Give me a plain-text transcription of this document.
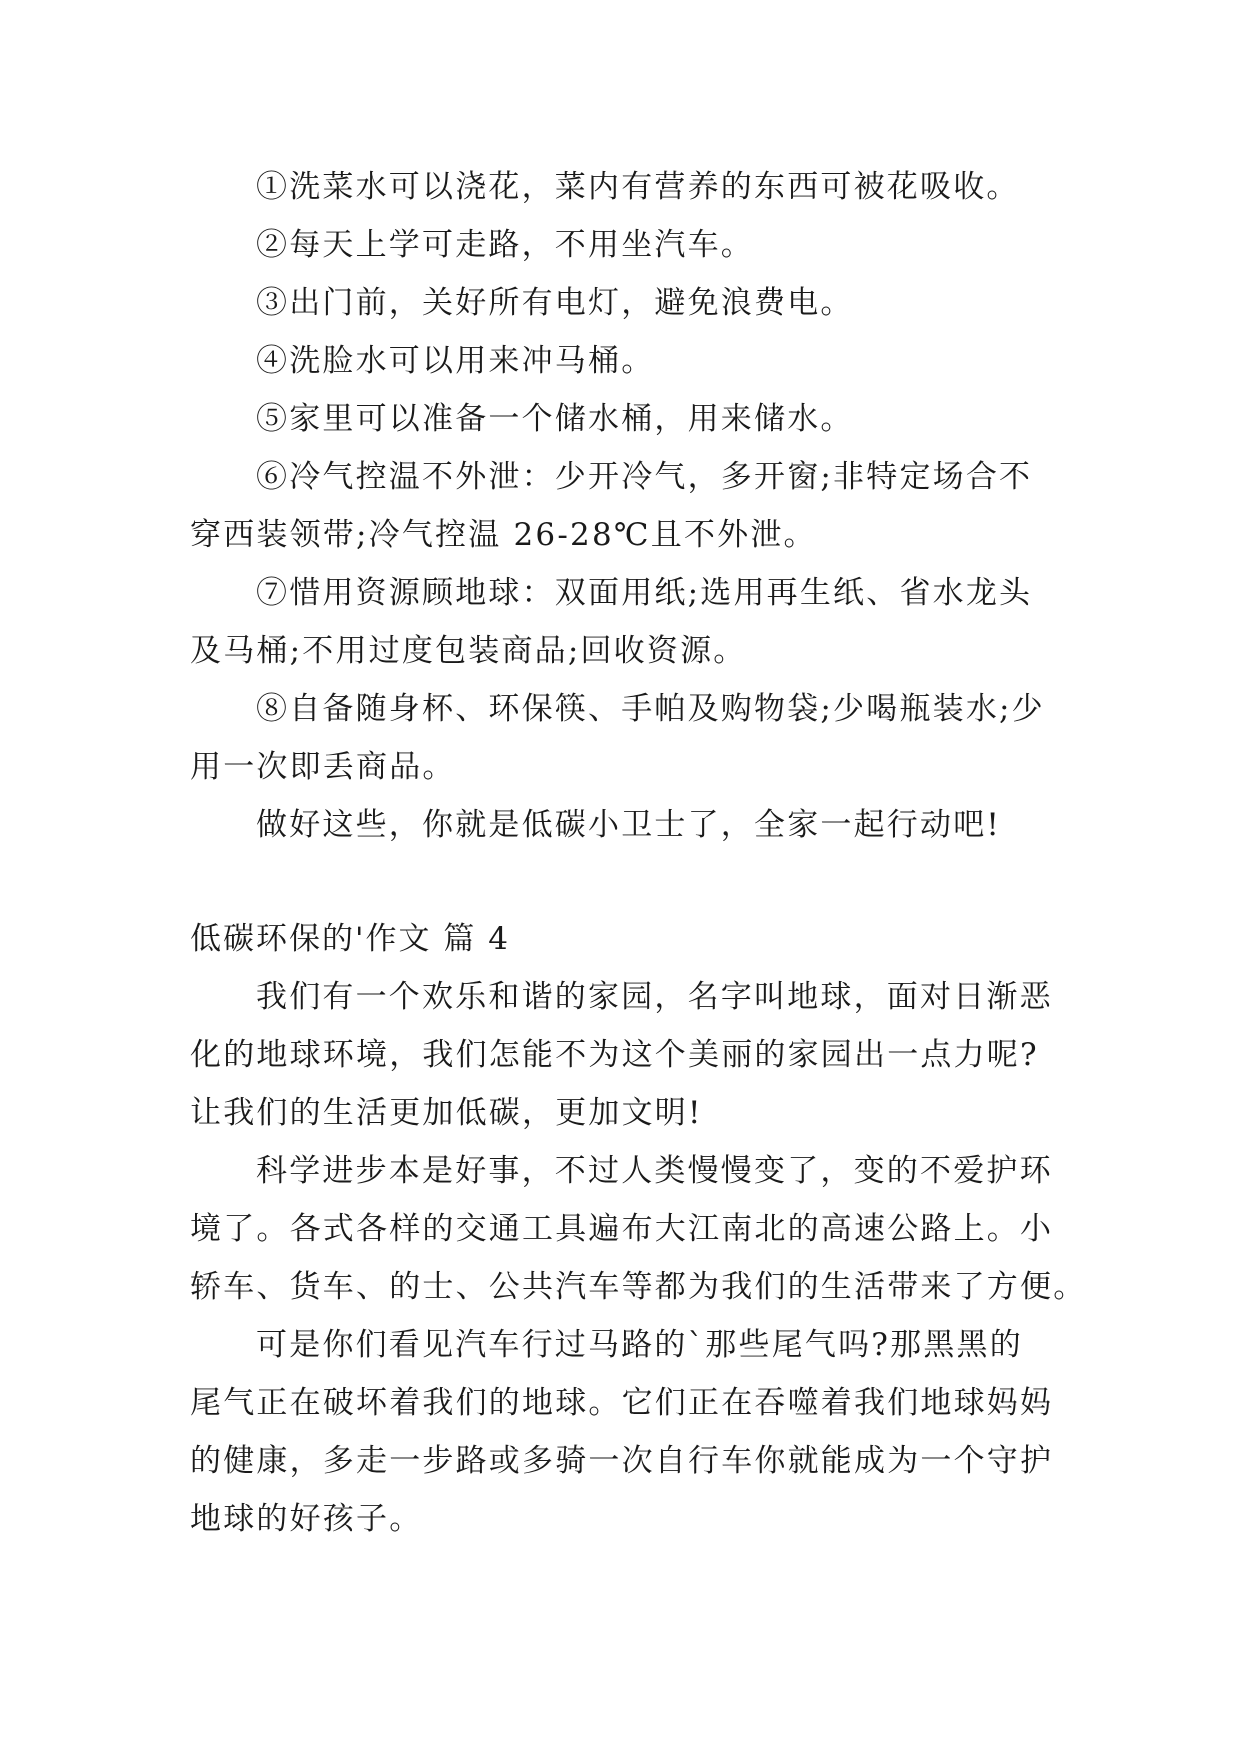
①洗菜水可以浇花，菜内有营养的东西可被花吸收。
②每天上学可走路，不用坐汽车。
③出门前，关好所有电灯，避免浪费电。
④洗脸水可以用来冲马桶。
⑤家里可以准备一个储水桶，用来储水。
⑥冷气控温不外泄：少开冷气，多开窗;非特定场合不
穿西装领带;冷气控温 26-28℃且不外泄。
⑦惜用资源顾地球：双面用纸;选用再生纸、省水龙头
及马桶;不用过度包装商品;回收资源。
⑧自备随身杯、环保筷、手帕及购物袋;少喝瓶装水;少
用一次即丢商品。
做好这些，你就是低碳小卫士了，全家一起行动吧!
低碳环保的'作文 篇 4
我们有一个欢乐和谐的家园，名字叫地球，面对日渐恶
化的地球环境，我们怎能不为这个美丽的家园出一点力呢?
让我们的生活更加低碳，更加文明!
科学进步本是好事，不过人类慢慢变了，变的不爱护环
境了。各式各样的交通工具遍布大江南北的高速公路上。小
轿车、货车、的士、公共汽车等都为我们的生活带来了方便。
可是你们看见汽车行过马路的`那些尾气吗?那黑黑的
尾气正在破坏着我们的地球。它们正在吞噬着我们地球妈妈
的健康，多走一步路或多骑一次自行车你就能成为一个守护
地球的好孩子。
